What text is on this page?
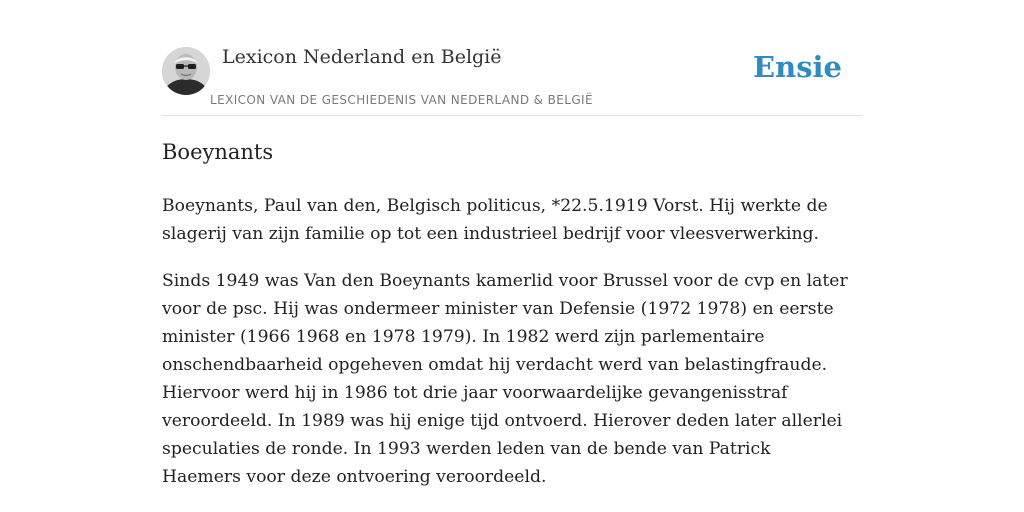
Lexicon Nederland en België
LEXICON VAN DE GESCHIEDENIS VAN NEDERLAND & BELGIË
Ensie
Boeynants

Boeynants, Paul van den, Belgisch politicus, *22.5.1919 Vorst. Hij werkte de slagerij van zijn familie op tot een industrieel bedrijf voor vleesverwerking.

Sinds 1949 was Van den Boeynants kamerlid voor Brussel voor de cvp en later voor de psc. Hij was ondermeer minister van Defensie (1972 1978) en eerste minister (1966 1968 en 1978 1979). In 1982 werd zijn parlementaire onschendbaarheid opgeheven omdat hij verdacht werd van belastingfraude. Hiervoor werd hij in 1986 tot drie jaar voorwaardelijke gevangenisstraf veroordeeld. In 1989 was hij enige tijd ontvoerd. Hierover deden later allerlei speculaties de ronde. In 1993 werden leden van de bende van Patrick Haemers voor deze ontvoering veroordeeld.
